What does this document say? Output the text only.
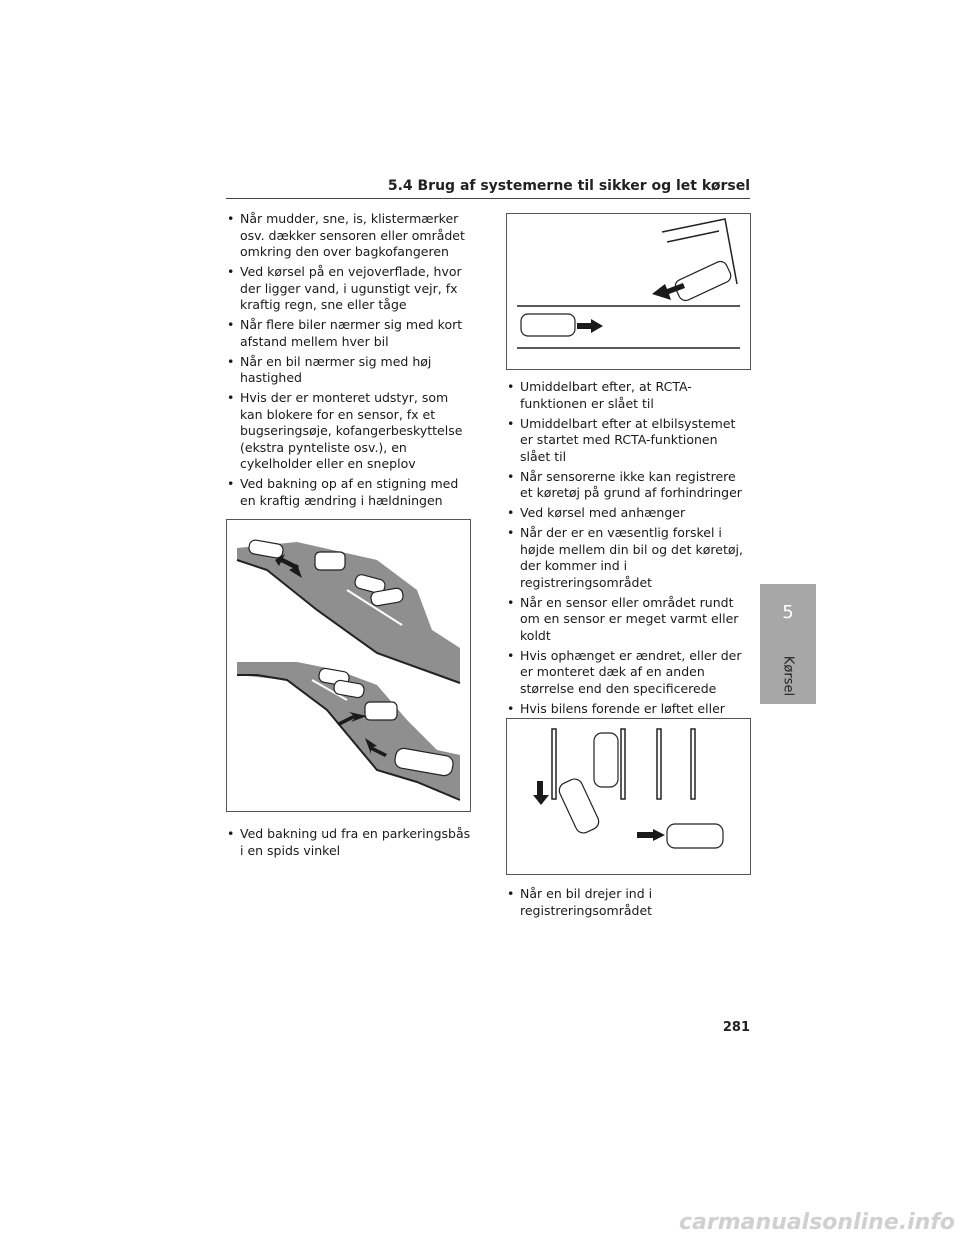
5.4 Brug af systemerne til sikker og let kørsel
• Når mudder, sne, is, klistermærker osv. dækker sensoren eller området omkring den over bagkofangeren
• Ved kørsel på en vejoverflade, hvor der ligger vand, i ugunstigt vejr, fx kraftig regn, sne eller tåge
• Når flere biler nærmer sig med kort afstand mellem hver bil
• Når en bil nærmer sig med høj hastighed
• Hvis der er monteret udstyr, som kan blokere for en sensor, fx et bugseringsøje, kofangerbeskyttelse (ekstra pynteliste osv.), en cykelholder eller en sneplov
• Ved bakning op af en stigning med en kraftig ændring i hældningen
• Ved bakning ud fra en parkeringsbås i en spids vinkel
• Umiddelbart efter, at RCTA-funktionen er slået til
• Umiddelbart efter at elbilsystemet er startet med RCTA-funktionen slået til
• Når sensorerne ikke kan registrere et køretøj på grund af forhindringer
• Ved kørsel med anhænger
• Når der er en væsentlig forskel i højde mellem din bil og det køretøj, der kommer ind i registreringsområdet
• Når en sensor eller området rundt om en sensor er meget varmt eller koldt
• Hvis ophænget er ændret, eller der er monteret dæk af en anden størrelse end den specificerede
• Hvis bilens forende er løftet eller
•
• Når en bil drejer ind i registreringsområdet
5
Kørsel
281
carmanualsonline.info
